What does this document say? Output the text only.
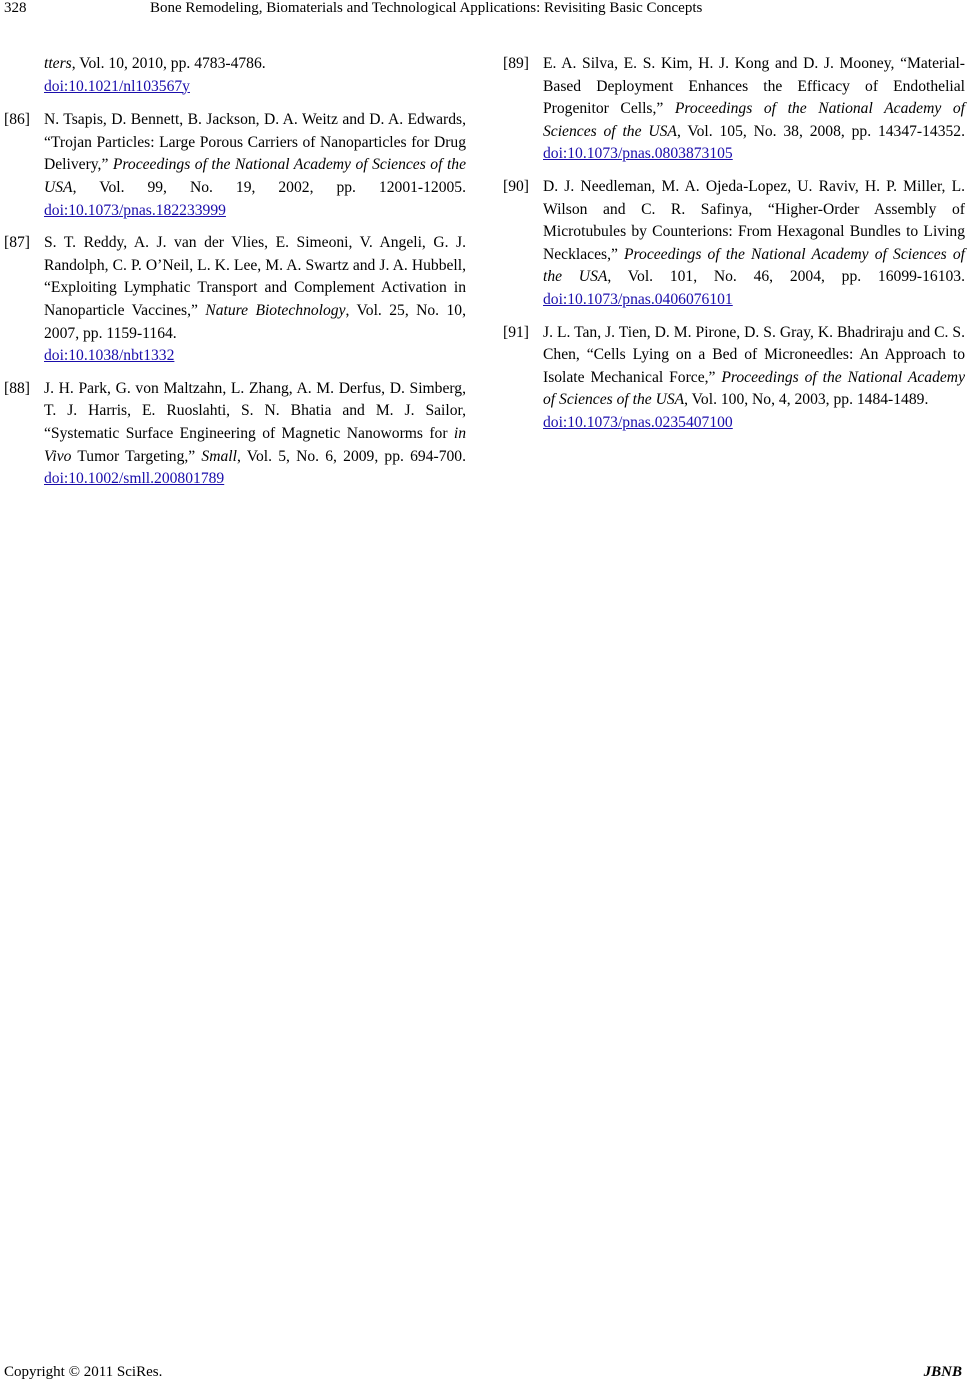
328	Bone Remodeling, Biomaterials and Technological Applications: Revisiting Basic Concepts
tters, Vol. 10, 2010, pp. 4783-4786.
doi:10.1021/nl103567y
[86] N. Tsapis, D. Bennett, B. Jackson, D. A. Weitz and D. A. Edwards, “Trojan Particles: Large Porous Carriers of Nanoparticles for Drug Delivery,” Proceedings of the National Academy of Sciences of the USA, Vol. 99, No. 19, 2002, pp. 12001-12005. doi:10.1073/pnas.182233999
[87] S. T. Reddy, A. J. van der Vlies, E. Simeoni, V. Angeli, G. J. Randolph, C. P. O’Neil, L. K. Lee, M. A. Swartz and J. A. Hubbell, “Exploiting Lymphatic Transport and Complement Activation in Nanoparticle Vaccines,” Nature Biotechnology, Vol. 25, No. 10, 2007, pp. 1159-1164.
doi:10.1038/nbt1332
[88] J. H. Park, G. von Maltzahn, L. Zhang, A. M. Derfus, D. Simberg, T. J. Harris, E. Ruoslahti, S. N. Bhatia and M. J. Sailor, “Systematic Surface Engineering of Magnetic Nanoworms for in Vivo Tumor Targeting,” Small, Vol. 5, No. 6, 2009, pp. 694-700. doi:10.1002/smll.200801789
[89] E. A. Silva, E. S. Kim, H. J. Kong and D. J. Mooney, “Material-Based Deployment Enhances the Efficacy of Endothelial Progenitor Cells,” Proceedings of the National Academy of Sciences of the USA, Vol. 105, No. 38, 2008, pp. 14347-14352. doi:10.1073/pnas.0803873105
[90] D. J. Needleman, M. A. Ojeda-Lopez, U. Raviv, H. P. Miller, L. Wilson and C. R. Safinya, “Higher-Order Assembly of Microtubules by Counterions: From Hexagonal Bundles to Living Necklaces,” Proceedings of the National Academy of Sciences of the USA, Vol. 101, No. 46, 2004, pp. 16099-16103. doi:10.1073/pnas.0406076101
[91] J. L. Tan, J. Tien, D. M. Pirone, D. S. Gray, K. Bhadriraju and C. S. Chen, “Cells Lying on a Bed of Microneedles: An Approach to Isolate Mechanical Force,” Proceedings of the National Academy of Sciences of the USA, Vol. 100, No, 4, 2003, pp. 1484-1489.
doi:10.1073/pnas.0235407100
Copyright © 2011 SciRes.	JBNB
